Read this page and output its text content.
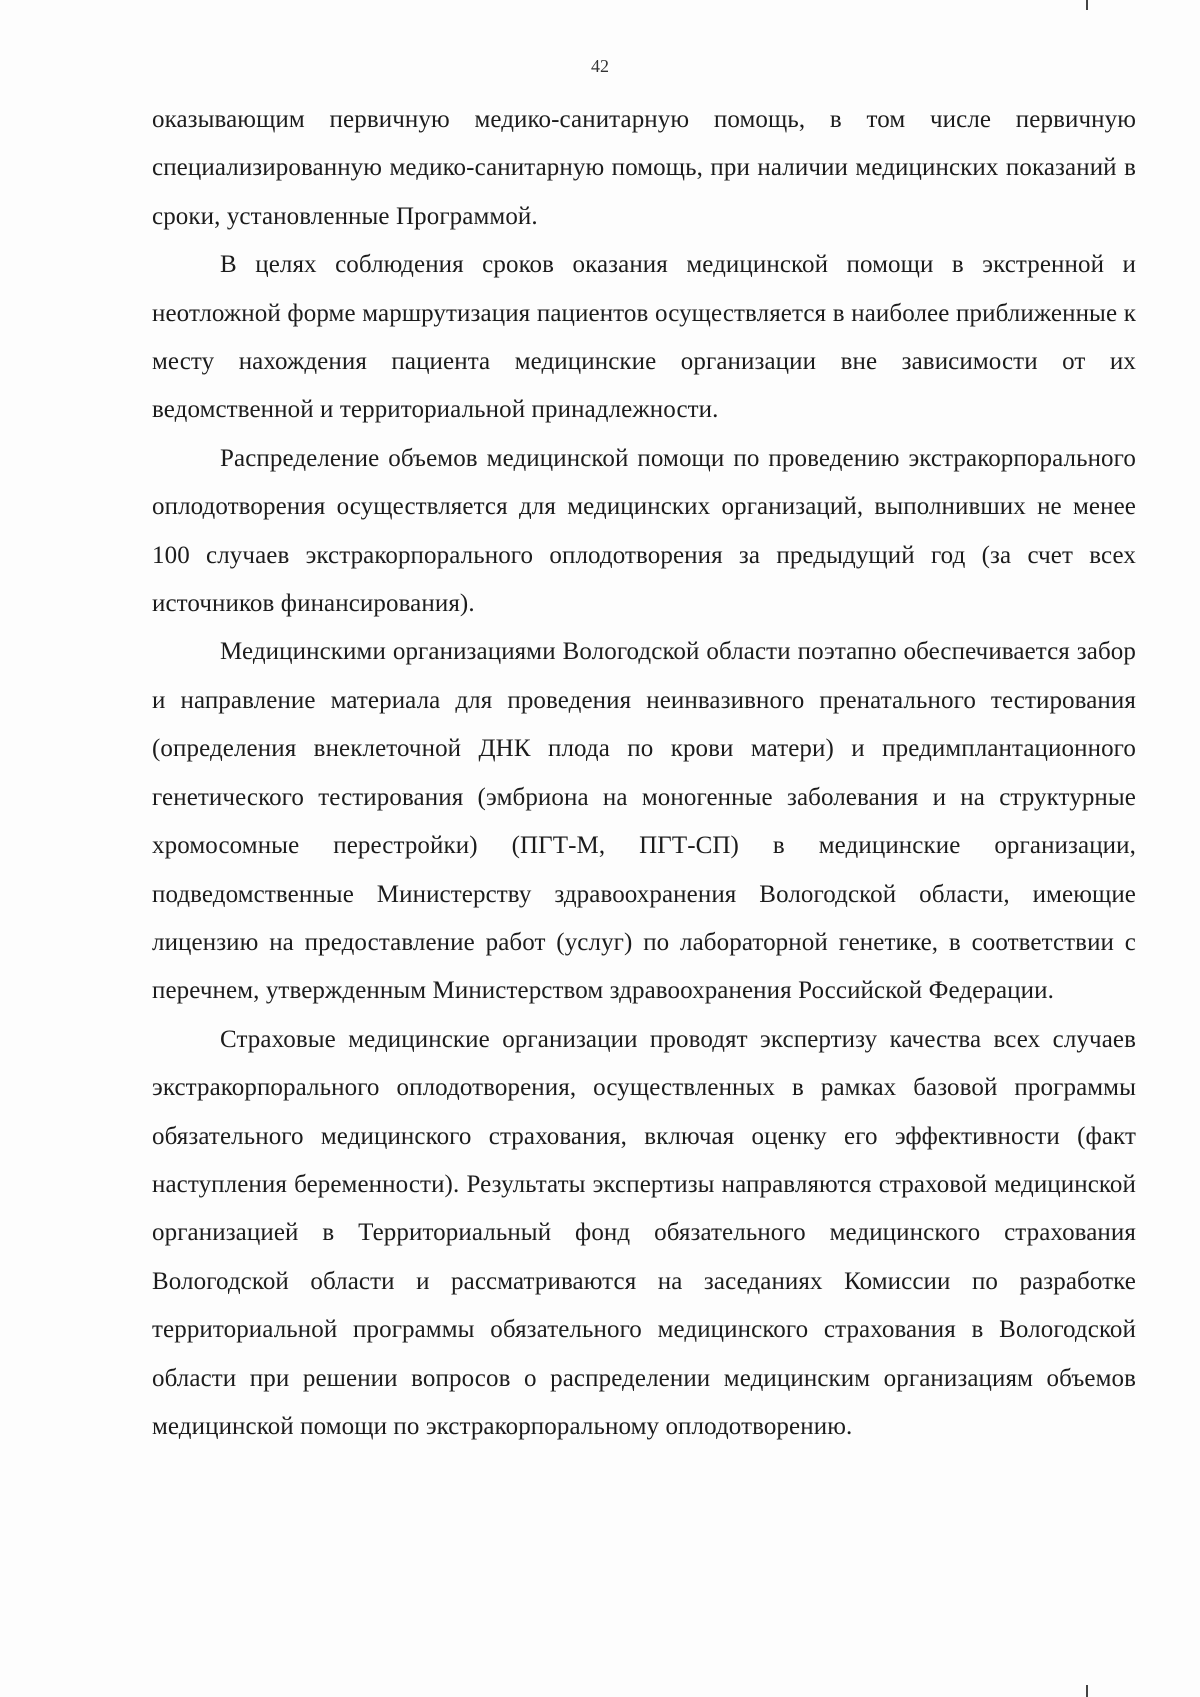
42

оказывающим первичную медико-санитарную помощь, в том числе первичную специализированную медико-санитарную помощь, при наличии медицинских показаний в сроки, установленные Программой.

В целях соблюдения сроков оказания медицинской помощи в экстренной и неотложной форме маршрутизация пациентов осуществляется в наиболее приближенные к месту нахождения пациента медицинские организации вне зависимости от их ведомственной и территориальной принадлежности.

Распределение объемов медицинской помощи по проведению экстракорпорального оплодотворения осуществляется для медицинских организаций, выполнивших не менее 100 случаев экстракорпорального оплодотворения за предыдущий год (за счет всех источников финансирования).

Медицинскими организациями Вологодской области поэтапно обеспечивается забор и направление материала для проведения неинвазивного пренатального тестирования (определения внеклеточной ДНК плода по крови матери) и предимплантационного генетического тестирования (эмбриона на моногенные заболевания и на структурные хромосомные перестройки) (ПГТ-М, ПГТ-СП) в медицинские организации, подведомственные Министерству здравоохранения Вологодской области, имеющие лицензию на предоставление работ (услуг) по лабораторной генетике, в соответствии с перечнем, утвержденным Министерством здравоохранения Российской Федерации.

Страховые медицинские организации проводят экспертизу качества всех случаев экстракорпорального оплодотворения, осуществленных в рамках базовой программы обязательного медицинского страхования, включая оценку его эффективности (факт наступления беременности). Результаты экспертизы направляются страховой медицинской организацией в Территориальный фонд обязательного медицинского страхования Вологодской области и рассматриваются на заседаниях Комиссии по разработке территориальной программы обязательного медицинского страхования в Вологодской области при решении вопросов о распределении медицинским организациям объемов медицинской помощи по экстракорпоральному оплодотворению.
